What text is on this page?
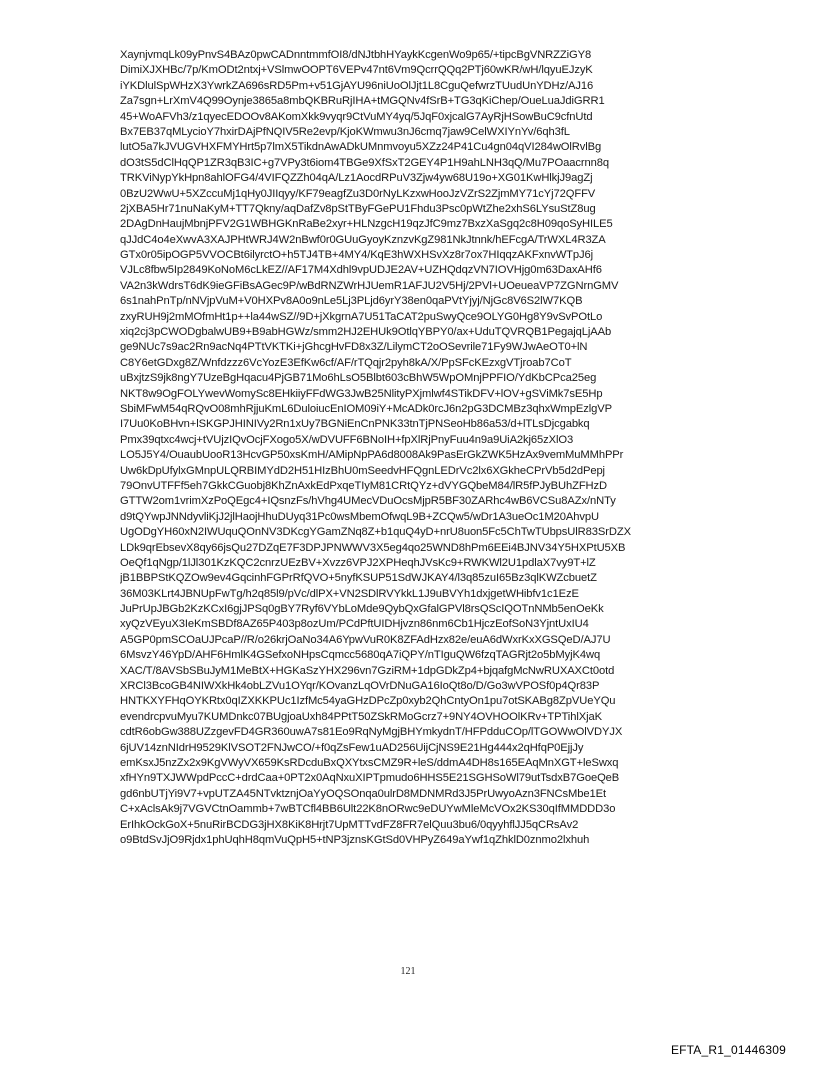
XaynjvmqLk09yPnvS4BAz0pwCADnntmmfOI8/dNJtbhHYaykKcgenWo9p65/+tipcBgVNRZZiGY8
DimiXJXHBc/7p/KmODt2ntxj+VSlmwOOPT6VEPv47nt6Vm9QcrrQQq2PTj60wKR/wH/lqyuEJzyK
iYKDlulSpWHzX3YwrkZA696sRD5Pm+v51GjAYU96niUoOlJjt1L8CguQefwrzTUudUnYDHz/AJ16
Za7sgn+LrXmV4Q99Oynje3865a8mbQKBRuRjIHA+tMGQNv4fSrB+TG3qKiChep/OueLuaJdiGRR1
45+WoAFVh3/z1qyecEDOOv8AKomXkk9vyqr9CtVuMY4yq/5JqF0xjcalG7AyRjHSowBuC9cfnUtd
Bx7EB37qMLycioY7hxirDAjPfNQIV5Re2evp/KjoKWmwu3nJ6cmq7jaw9CelWXIYnYv/6qh3fL
lutO5a7kJVUGVHXFMYHrt5p7lmX5TikdnAwADkUMnmvoyu5XZz24P41Cu4gn04qVI284wOlRvlBg
dO3tS5dClHqQP1ZR3qB3IC+g7VPy3t6iom4TBGe9XfSxT2GEY4P1H9ahLNH3qQ/Mu7POaacrnn8q
TRKViNypYkHpn8ahlOFG4/4VIFQZZh04qA/Lz1AocdRPuV3Zjw4yw68U19o+XG01KwHlkjJ9agZj
0BzU2WwU+5XZccuMj1qHy0JIIqyy/KF79eagfZu3D0rNyLKzxwHooJzVZrS2ZjmMY71cYj72QFFV
2jXBA5Hr71nuNaKyM+TT7Qkny/aqDafZv8pStTByFGePU1Fhdu3Psc0pWtZhe2xhS6LYsuStZ8ug
2DAgDnHaujMbnjPFV2G1WBHGKnRaBe2xyr+HLNzgcH19qzJfC9mz7BxzXaSgq2c8H09qoSyHILE5
qJJdC4o4eXwvA3XAJPHtWRJ4W2nBwf0r0GUuGyoyKznzvKgZ981NkJtnnk/hEFcgA/TrWXL4R3ZA
GTx0r05ipOGP5VVOCBt6ilyrctO+h5TJ4TB+4MY4/KqE3hWXHSvXz8r7ox7HIqqzAKFxnvWTpJ6j
VJLc8fbw5Ip2849KoNoM6cLkEZ//AF17M4Xdhl9vpUDJE2AV+UZHQdqzVN7IOVHjg0m63DaxAHf6
VA2n3kWdrsT6dK9ieGFiBsAGec9P/wBdRNZWrHJUemR1AFJU2V5Hj/2PVl+UOeueaVP7ZGNrnGMV
6s1nahPnTp/nNVjpVuM+V0HXPv8A0o9nLe5Lj3PLjd6yrY38en0qaPVtYjyj/NjGc8V6S2lW7KQB
zxyRUH9j2mMOfmHt1p++la44wSZ//9D+jXkgrnA7U51TaCAT2puSwyQce9OLYG0Hg8Y9vSvPOtLo
xiq2cj3pCWODgbalwUB9+B9abHGWz/smm2HJ2EHUk9OtlqYBPY0/ax+UduTQVRQB1PegajqLjAAb
ge9NUc7s9ac2Rn9acNq4PTtVKTKi+jGhcgHvFD8x3Z/LilymCT2oOSevrile71Fy9WJwAeOT0+lN
C8Y6etGDxg8Z/Wnfdzzz6VcYozE3EfKw6cf/AF/rTQqjr2pyh8kA/X/PpSFcKEzxgVTjroab7CoT
uBxjtzS9jk8ngY7UzeBgHqacu4PjGB71Mo6hLsO5Blbt603cBhW5WpOMnjPPFIO/YdKbCPca25eg
NKT8w9OgFOLYwevWomySc8EHkiiyFFdWG3JwB25NlityPXjmlwf4STikDFV+lOV+gSViMk7sE5Hp
SbiMFwM54qRQvO08mhRjjuKmL6DuloiucEnIOM09iY+McADk0rcJ6n2pG3DCMBz3qhxWmpEzlgVP
I7Uu0KoBHvn+lSKGPJHINIVy2Rn1xUy7BGNiEnCnPNK33tnTjPNSeoHb86a53/d+lTLsDjcgabkq
Pmx39qtxc4wcj+tVUjzIQvOcjFXogo5X/wDVUFF6BNoIH+fpXlRjPnyFuu4n9a9UiA2kj65zXlO3
LO5J5Y4/OuaubUooR13HcvGP50xsKmH/AMipNpPA6d8008Ak9PasErGkZWK5HzAx9vemMuMMhPPr
Uw6kDpUfylxGMnpULQRBIMYdD2H51HIzBhU0mSeedvHFQgnLEDrVc2lx6XGkheCPrVb5d2dPepj
79OnvUTFFf5eh7GkkCGuobj8KhZnAxkEdPxqeTIyM81CRtQYz+dVYGQbeM84/lR5fPJyBUhZFHzD
GTTW2om1vrimXzPoQEgc4+IQsnzFs/hVhg4UMecVDuOcsMjpR5BF30ZARhc4wB6VCSu8AZx/nNTy
d9tQYwpJNNdyvliKjJ2jlHaojHhuDUyq31Pc0wsMbemOfwqL9B+ZCQw5/wDr1A3ueOc1M20AhvpU
UgODgYH60xN2IWUquQOnNV3DKcgYGamZNq8Z+b1quQ4yD+nrU8uon5Fc5ChTwTUbpsUlR83SrDZX
LDk9qrEbsevX8qy66jsQu27DZqE7F3DPJPNWWV3X5eg4qo25WND8hPm6EEi4BJNV34Y5HXPtU5XB
OeQf1qNgp/1lJl301KzKQC2cnrzUEzBV+Xvzz6VPJ2XPHeqhJVsKc9+RWKWl2U1pdlaX7vy9T+lZ
jB1BBPStKQZOw9ev4GqcinhFGPrRfQVO+5nyfKSUP51SdWJKAY4/l3q85zuI65Bz3qlKWZcbuetZ
36M03KLrt4JBNUpFwTg/h2q85l9/pVc/dlPX+VN2SDlRVYkkL1J9uBVYh1dxjgetWHibfv1c1EzE
JuPrUpJBGb2KzKCxI6gjJPSq0gBY7Ryf6VYbLoMde9QybQxGfalGPVl8rsQScIQOTnNMb5enOeKk
xyQzVEyuX3IeKmSBDf8AZ65P403p8ozUm/PCdPftUIDHjvzn86nm6Cb1HjczEofSoN3YjntUxIU4
A5GP0pmSCOaUJPcaP//R/o26krjOaNo34A6YpwVuR0K8ZFAdHzx82e/euA6dWxrKxXGSQeD/AJ7U
6MsvzY46YpD/AHF6HmlK4GSefxoNHpsCqmcc5680qA7iQPY/nTIguQW6fzqTAGRjt2o5bMyjK4wq
XAC/T/8AVSbSBuJyM1MeBtX+HGKaSzYHX296vn7GziRM+1dpGDkZp4+bjqafgMcNwRUXAXCt0otd
XRCl3BcoGB4NIWXkHk4obLZVu1OYqr/KOvanzLqOVrDNuGA16IoQt8o/D/Go3wVPOSf0p4Qr83P
HNTKXYFHqOYKRtx0qIZXKKPUc1IzfMc54yaGHzDPcZp0xyb2QhCntyOn1pu7otSKABg8ZpVUeYQu
evendrcpvuMyu7KUMDnkc07BUgjoaUxh84PPtT50ZSkRMoGcrz7+9NY4OVHOOlKRv+TPTihlXjaK
cdtR6obGw388UZzgevFD4GR360uwA7s81Eo9RqNyMgjBHYmkydnT/HFPdduCOp/lTGOWwOlVDYJX
6jUV14znNIdrH9529KlVSOT2FNJwCO/+f0qZsFew1uAD256UijCjNS9E21Hg444x2qHfqP0EjjJy
emKsxJ5nzZx2x9KgVWyVX659KsRDcduBxQXYtxsCMZ9R+leS/ddmA4DH8s165EAqMnXGT+leSwxq
xfHYn9TXJWWpdPccC+drdCaa+0PT2x0AqNxuXIPTpmudo6HHS5E21SGHSoWl79utTsdxB7GoeQeB
gd6nbUTjYi9V7+vpUTZA45NTvktznjOaYyOQSOnqa0ulrD8MDNMRd3J5PrUwyoAzn3FNCsMbe1Et
C+xAclsAk9j7VGVCtnOammb+7wBTCfl4BB6Ult22K8nORwc9eDUYwMleMcVOx2KS30qIfMMDDD3o
ErIhkOckGoX+5nuRirBCDG3jHX8KiK8Hrjt7UpMTTvdFZ8FR7elQuu3bu6/0qyyhflJJ5qCRsAv2
o9BtdSvJjO9Rjdx1phUqhH8qmVuQpH5+tNP3jznsKGtSd0VHPyZ649aYwf1qZhklD0znmo2lxhuh
121
EFTA_R1_01446309
